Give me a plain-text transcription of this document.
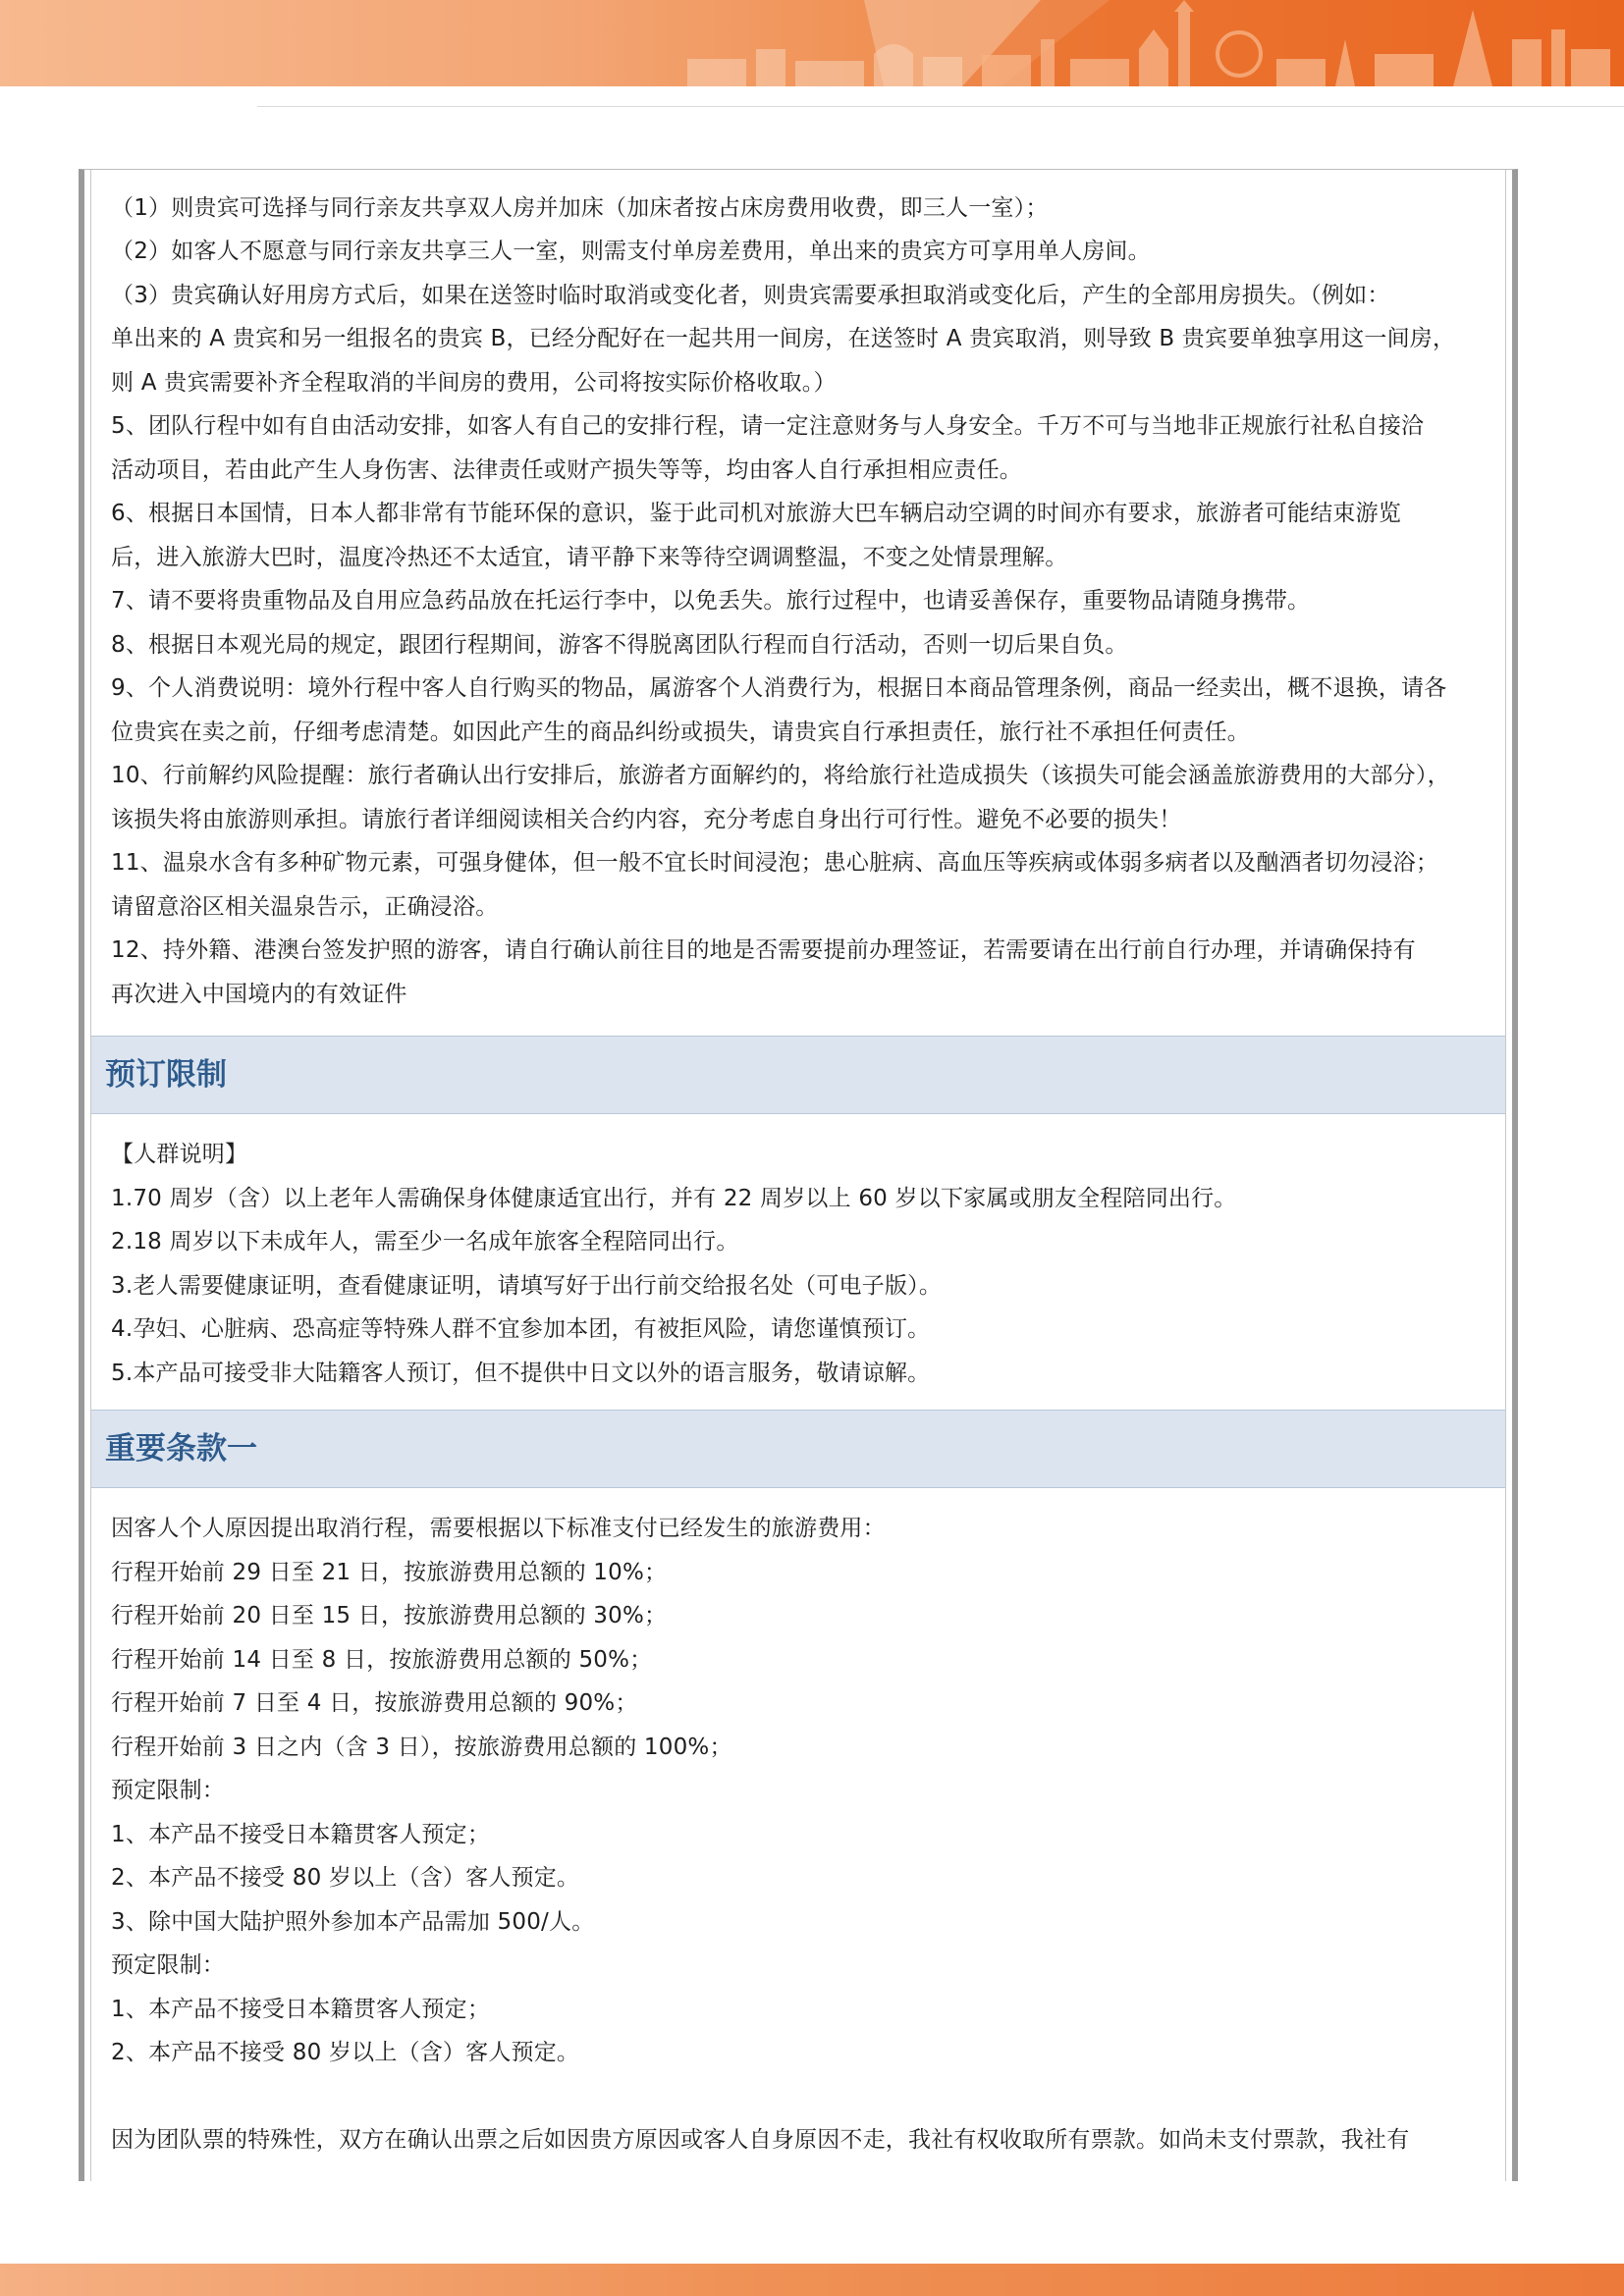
（1）则贵宾可选择与同行亲友共享双人房并加床（加床者按占床房费用收费，即三人一室）；
（2）如客人不愿意与同行亲友共享三人一室，则需支付单房差费用，单出来的贵宾方可享用单人房间。
（3）贵宾确认好用房方式后，如果在送签时临时取消或变化者，则贵宾需要承担取消或变化后，产生的全部用房损失。（例如：
单出来的 A 贵宾和另一组报名的贵宾 B，已经分配好在一起共用一间房，在送签时 A 贵宾取消，则导致 B 贵宾要单独享用这一间房，
则 A 贵宾需要补齐全程取消的半间房的费用，公司将按实际价格收取。）
5、团队行程中如有自由活动安排，如客人有自己的安排行程，请一定注意财务与人身安全。千万不可与当地非正规旅行社私自接洽
活动项目，若由此产生人身伤害、法律责任或财产损失等等，均由客人自行承担相应责任。
6、根据日本国情，日本人都非常有节能环保的意识，鉴于此司机对旅游大巴车辆启动空调的时间亦有要求，旅游者可能结束游览
后，进入旅游大巴时，温度冷热还不太适宜，请平静下来等待空调调整温，不变之处情景理解。
7、请不要将贵重物品及自用应急药品放在托运行李中，以免丢失。旅行过程中，也请妥善保存，重要物品请随身携带。
8、根据日本观光局的规定，跟团行程期间，游客不得脱离团队行程而自行活动，否则一切后果自负。
9、个人消费说明：境外行程中客人自行购买的物品，属游客个人消费行为，根据日本商品管理条例，商品一经卖出，概不退换，请各
位贵宾在卖之前，仔细考虑清楚。如因此产生的商品纠纷或损失，请贵宾自行承担责任，旅行社不承担任何责任。
10、行前解约风险提醒：旅行者确认出行安排后，旅游者方面解约的，将给旅行社造成损失（该损失可能会涵盖旅游费用的大部分），
该损失将由旅游则承担。请旅行者详细阅读相关合约内容，充分考虑自身出行可行性。避免不必要的损失！
11、温泉水含有多种矿物元素，可强身健体，但一般不宜长时间浸泡；患心脏病、高血压等疾病或体弱多病者以及酗酒者切勿浸浴；
请留意浴区相关温泉告示，正确浸浴。
12、持外籍、港澳台签发护照的游客，请自行确认前往目的地是否需要提前办理签证，若需要请在出行前自行办理，并请确保持有
再次进入中国境内的有效证件
预订限制
【人群说明】
1.70 周岁（含）以上老年人需确保身体健康适宜出行，并有 22 周岁以上 60 岁以下家属或朋友全程陪同出行。
2.18 周岁以下未成年人，需至少一名成年旅客全程陪同出行。
3.老人需要健康证明，查看健康证明，请填写好于出行前交给报名处（可电子版）。
4.孕妇、心脏病、恐高症等特殊人群不宜参加本团，有被拒风险，请您谨慎预订。
5.本产品可接受非大陆籍客人预订，但不提供中日文以外的语言服务，敬请谅解。
重要条款一
因客人个人原因提出取消行程，需要根据以下标准支付已经发生的旅游费用：
行程开始前 29 日至 21 日，按旅游费用总额的 10%；
行程开始前 20 日至 15 日，按旅游费用总额的 30%；
行程开始前 14 日至 8 日，按旅游费用总额的 50%；
行程开始前 7 日至 4 日，按旅游费用总额的 90%；
行程开始前 3 日之内（含 3 日），按旅游费用总额的 100%；
预定限制：
1、本产品不接受日本籍贯客人预定；
2、本产品不接受 80 岁以上（含）客人预定。
3、除中国大陆护照外参加本产品需加 500/人。
预定限制：
1、本产品不接受日本籍贯客人预定；
2、本产品不接受 80 岁以上（含）客人预定。
因为团队票的特殊性，双方在确认出票之后如因贵方原因或客人自身原因不走，我社有权收取所有票款。如尚未支付票款，我社有
